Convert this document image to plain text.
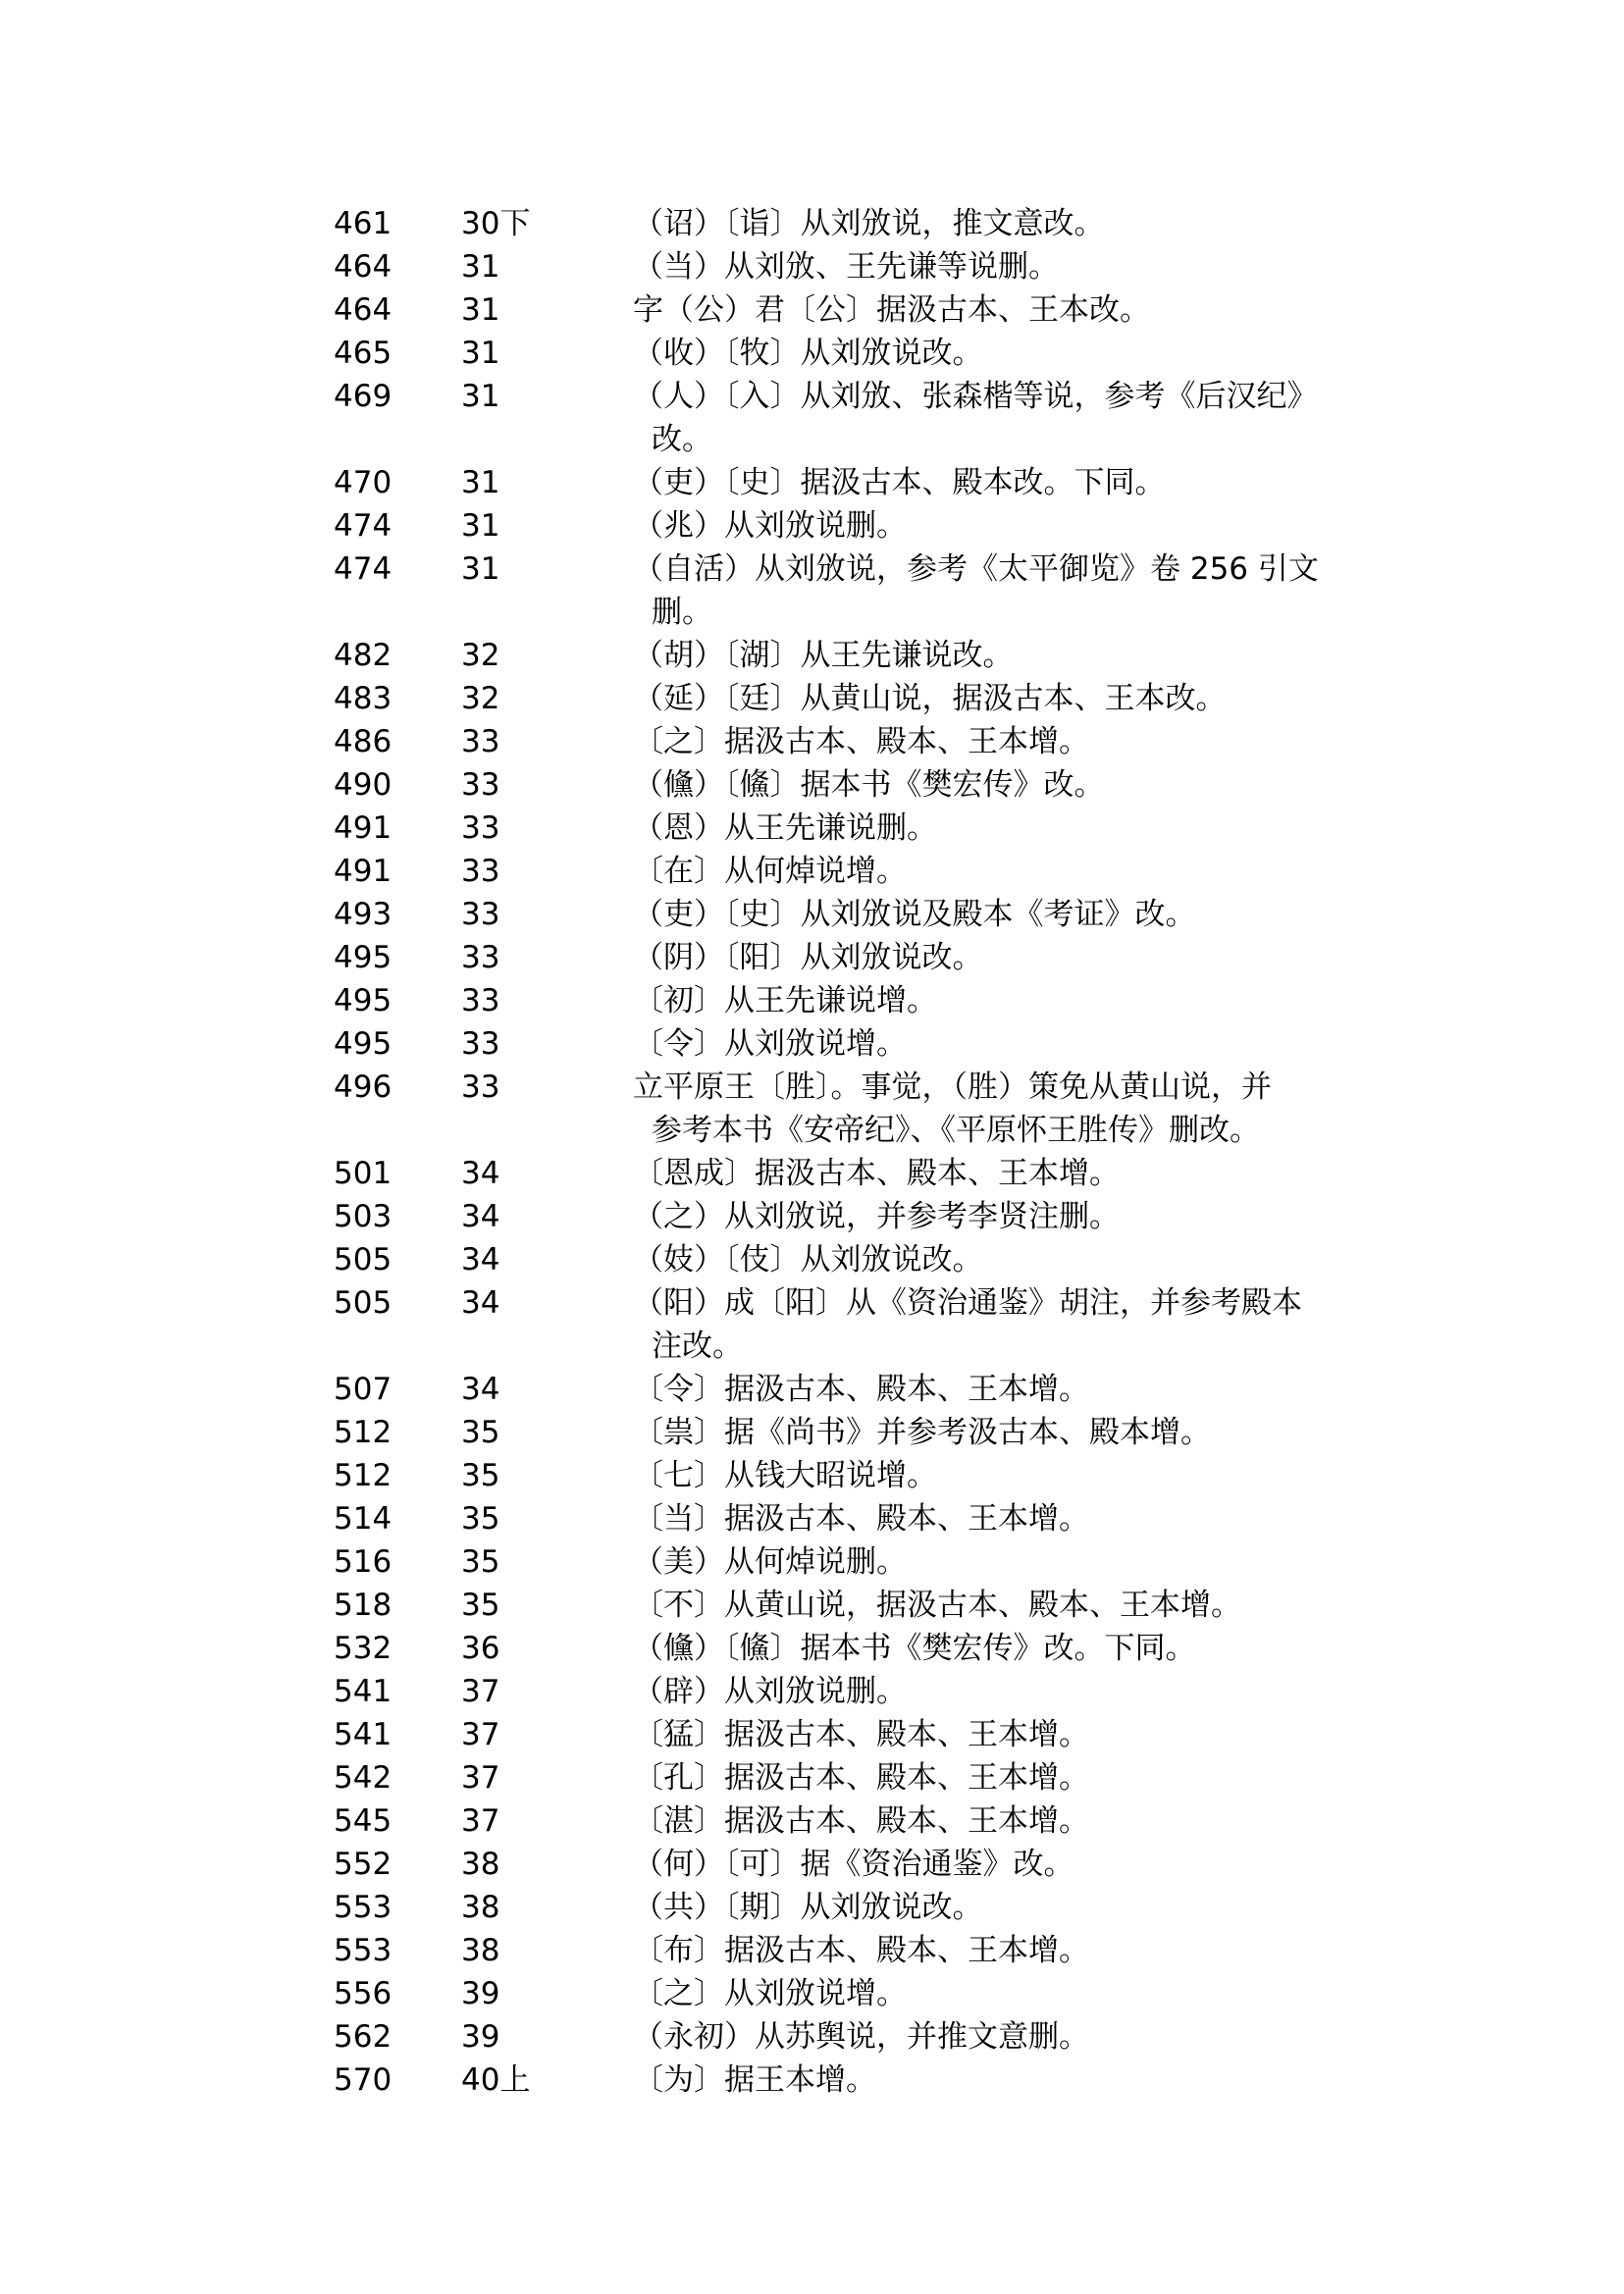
461	30下	（诏）〔诣〕从刘攽说，推文意改。
464	31	（当）从刘攽、王先谦等说删。
464	31	字（公）君〔公〕据汲古本、王本改。
465	31	（收）〔牧〕从刘攽说改。
469	31	（人）〔入〕从刘攽、张森楷等说，参考《后汉纪》
改。
470	31	（吏）〔史〕据汲古本、殿本改。下同。
474	31	（兆）从刘攽说删。
474	31	（自活）从刘攽说，参考《太平御览》卷 256 引文
删。
482	32	（胡）〔湖〕从王先谦说改。
483	32	（延）〔廷〕从黄山说，据汲古本、王本改。
486	33	〔之〕据汲古本、殿本、王本增。
490	33	（儵）〔鯈〕据本书《樊宏传》改。
491	33	（恩）从王先谦说删。
491	33	〔在〕从何焯说增。
493	33	（吏）〔史〕从刘攽说及殿本《考证》改。
495	33	（阴）〔阳〕从刘攽说改。
495	33	〔初〕从王先谦说增。
495	33	〔令〕从刘攽说增。
496	33	立平原王〔胜〕。事觉，（胜）策免从黄山说，并
参考本书《安帝纪》、《平原怀王胜传》删改。
501	34	〔恩成〕据汲古本、殿本、王本增。
503	34	（之）从刘攽说，并参考李贤注删。
505	34	（妓）〔伎〕从刘攽说改。
505	34	（阳）成〔阳〕从《资治通鉴》胡注，并参考殿本
注改。
507	34	〔令〕据汲古本、殿本、王本增。
512	35	〔祟〕据《尚书》并参考汲古本、殿本增。
512	35	〔七〕从钱大昭说增。
514	35	〔当〕据汲古本、殿本、王本增。
516	35	（美）从何焯说删。
518	35	〔不〕从黄山说，据汲古本、殿本、王本增。
532	36	（儵）〔鯈〕据本书《樊宏传》改。下同。
541	37	（辟）从刘攽说删。
541	37	〔猛〕据汲古本、殿本、王本增。
542	37	〔孔〕据汲古本、殿本、王本增。
545	37	〔湛〕据汲古本、殿本、王本增。
552	38	（何）〔可〕据《资治通鉴》改。
553	38	（共）〔期〕从刘攽说改。
553	38	〔布〕据汲古本、殿本、王本增。
556	39	〔之〕从刘攽说增。
562	39	（永初）从苏舆说，并推文意删。
570	40上	〔为〕据王本增。
